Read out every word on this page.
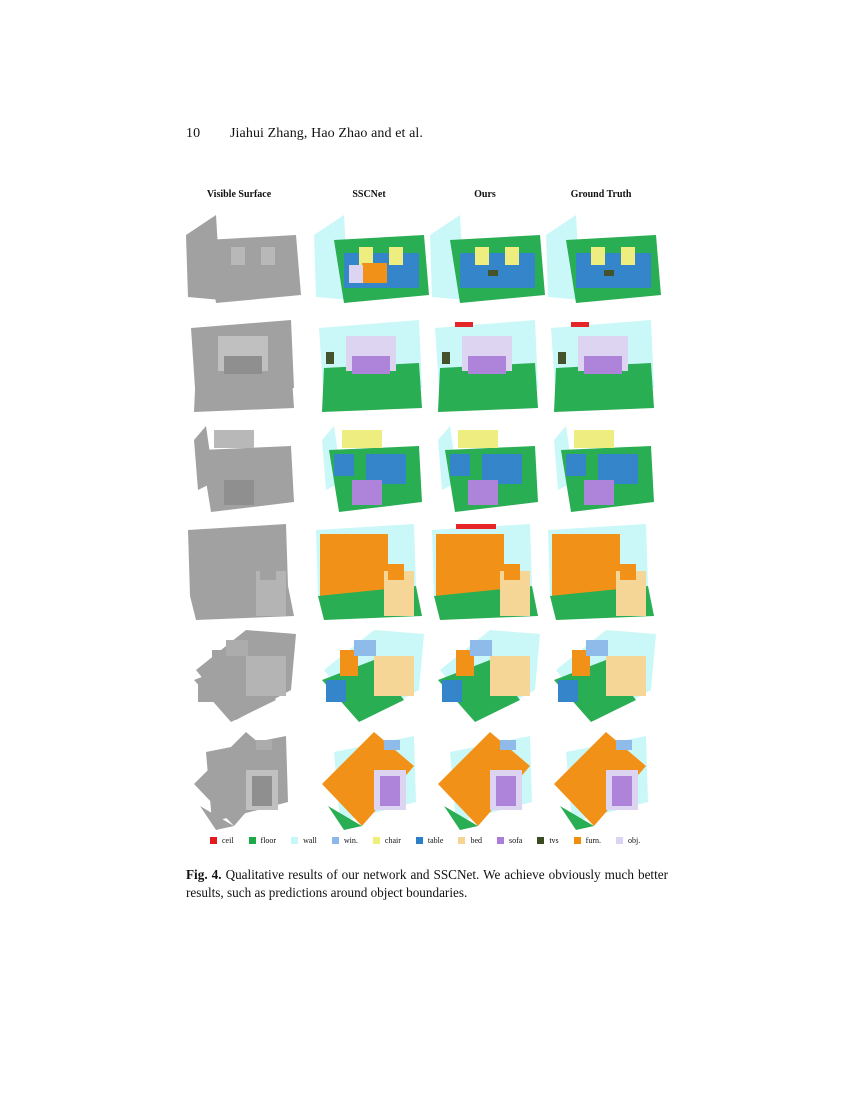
10 Jiahui Zhang, Hao Zhao and et al.
Visible Surface	SSCNet	Ours	Ground Truth
ceil	floor	wall	win.	chair	table	bed	sofa	tvs	furn.	obj.
Fig. 4. Qualitative results of our network and SSCNet. We achieve obviously much better results, such as predictions around object boundaries.
